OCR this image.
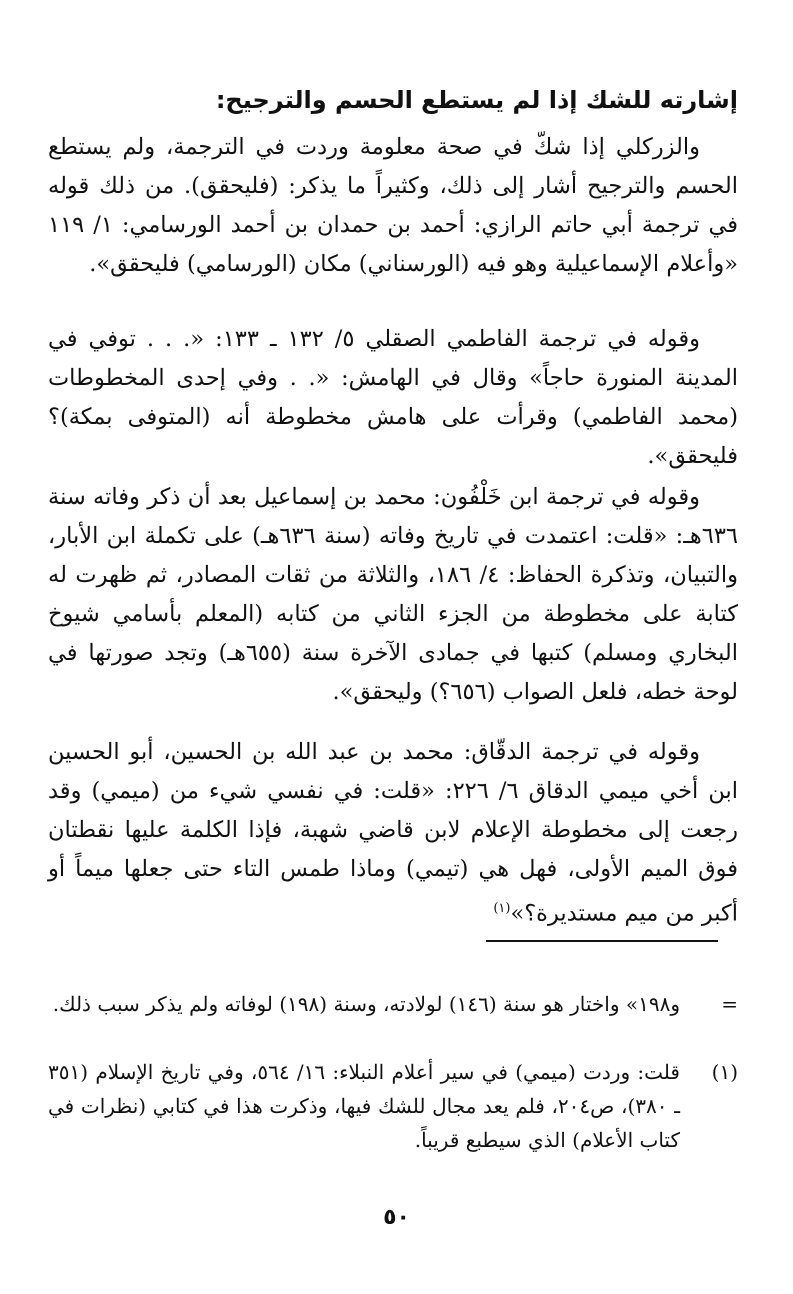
إشارته للشك إذا لم يستطع الحسم والترجيح:

والزركلي إذا شكّ في صحة معلومة وردت في الترجمة، ولم يستطع الحسم والترجيح أشار إلى ذلك، وكثيراً ما يذكر: (فليحقق). من ذلك قوله في ترجمة أبي حاتم الرازي: أحمد بن حمدان بن أحمد الورسامي: ١/ ١١٩ «وأعلام الإسماعيلية وهو فيه (الورسناني) مكان (الورسامي) فليحقق».

وقوله في ترجمة الفاطمي الصقلي ٥/ ١٣٢ ـ ١٣٣: «. . . توفي في المدينة المنورة حاجاً» وقال في الهامش: «. . وفي إحدى المخطوطات (محمد الفاطمي) وقرأت على هامش مخطوطة أنه (المتوفى بمكة)؟ فليحقق».

وقوله في ترجمة ابن خَلْفُون: محمد بن إسماعيل بعد أن ذكر وفاته سنة ٦٣٦هـ: «قلت: اعتمدت في تاريخ وفاته (سنة ٦٣٦هـ) على تكملة ابن الأبار، والتبيان، وتذكرة الحفاظ: ٤/ ١٨٦، والثلاثة من ثقات المصادر، ثم ظهرت له كتابة على مخطوطة من الجزء الثاني من كتابه (المعلم بأسامي شيوخ البخاري ومسلم) كتبها في جمادى الآخرة سنة (٦٥٥هـ) وتجد صورتها في لوحة خطه، فلعل الصواب (٦٥٦؟) وليحقق».

وقوله في ترجمة الدقّاق: محمد بن عبد الله بن الحسين، أبو الحسين ابن أخي ميمي الدقاق ٦/ ٢٢٦: «قلت: في نفسي شيء من (ميمي) وقد رجعت إلى مخطوطة الإعلام لابن قاضي شهبة، فإذا الكلمة عليها نقطتان فوق الميم الأولى، فهل هي (تيمي) وماذا طمس التاء حتى جعلها ميماً أو أكبر من ميم مستديرة؟»$^{(١)}$

=
و١٩٨» واختار هو سنة (١٤٦) لولادته، وسنة (١٩٨) لوفاته ولم يذكر سبب ذلك.
(١)
قلت: وردت (ميمي) في سير أعلام النبلاء: ١٦/ ٥٦٤، وفي تاريخ الإسلام (٣٥١ ـ ٣٨٠)، ص٢٠٤، فلم يعد مجال للشك فيها، وذكرت هذا في كتابي (نظرات في كتاب الأعلام) الذي سيطبع قريباً.
٥٠
